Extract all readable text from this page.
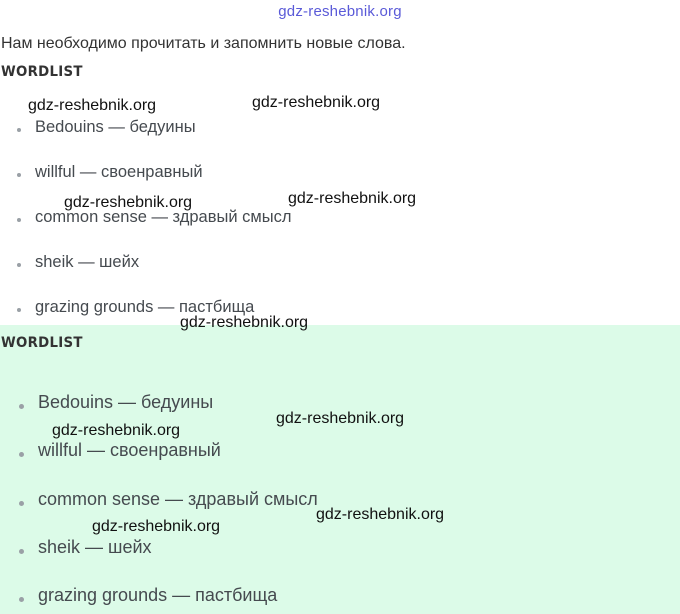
gdz-reshebnik.org
Нам необходимо прочитать и запомнить новые слова.
WORDLIST
Bedouins — бедуины
willful — своенравный
common sense — здравый смысл
sheik — шейх
grazing grounds — пастбища
WORDLIST
Bedouins — бедуины
willful — своенравный
common sense — здравый смысл
sheik — шейх
grazing grounds — пастбища
gdz-reshebnik.org	gdz-reshebnik.org
gdz-reshebnik.org	gdz-reshebnik.org
gdz-reshebnik.org
gdz-reshebnik.org
gdz-reshebnik.org
gdz-reshebnik.org
gdz-reshebnik.org
